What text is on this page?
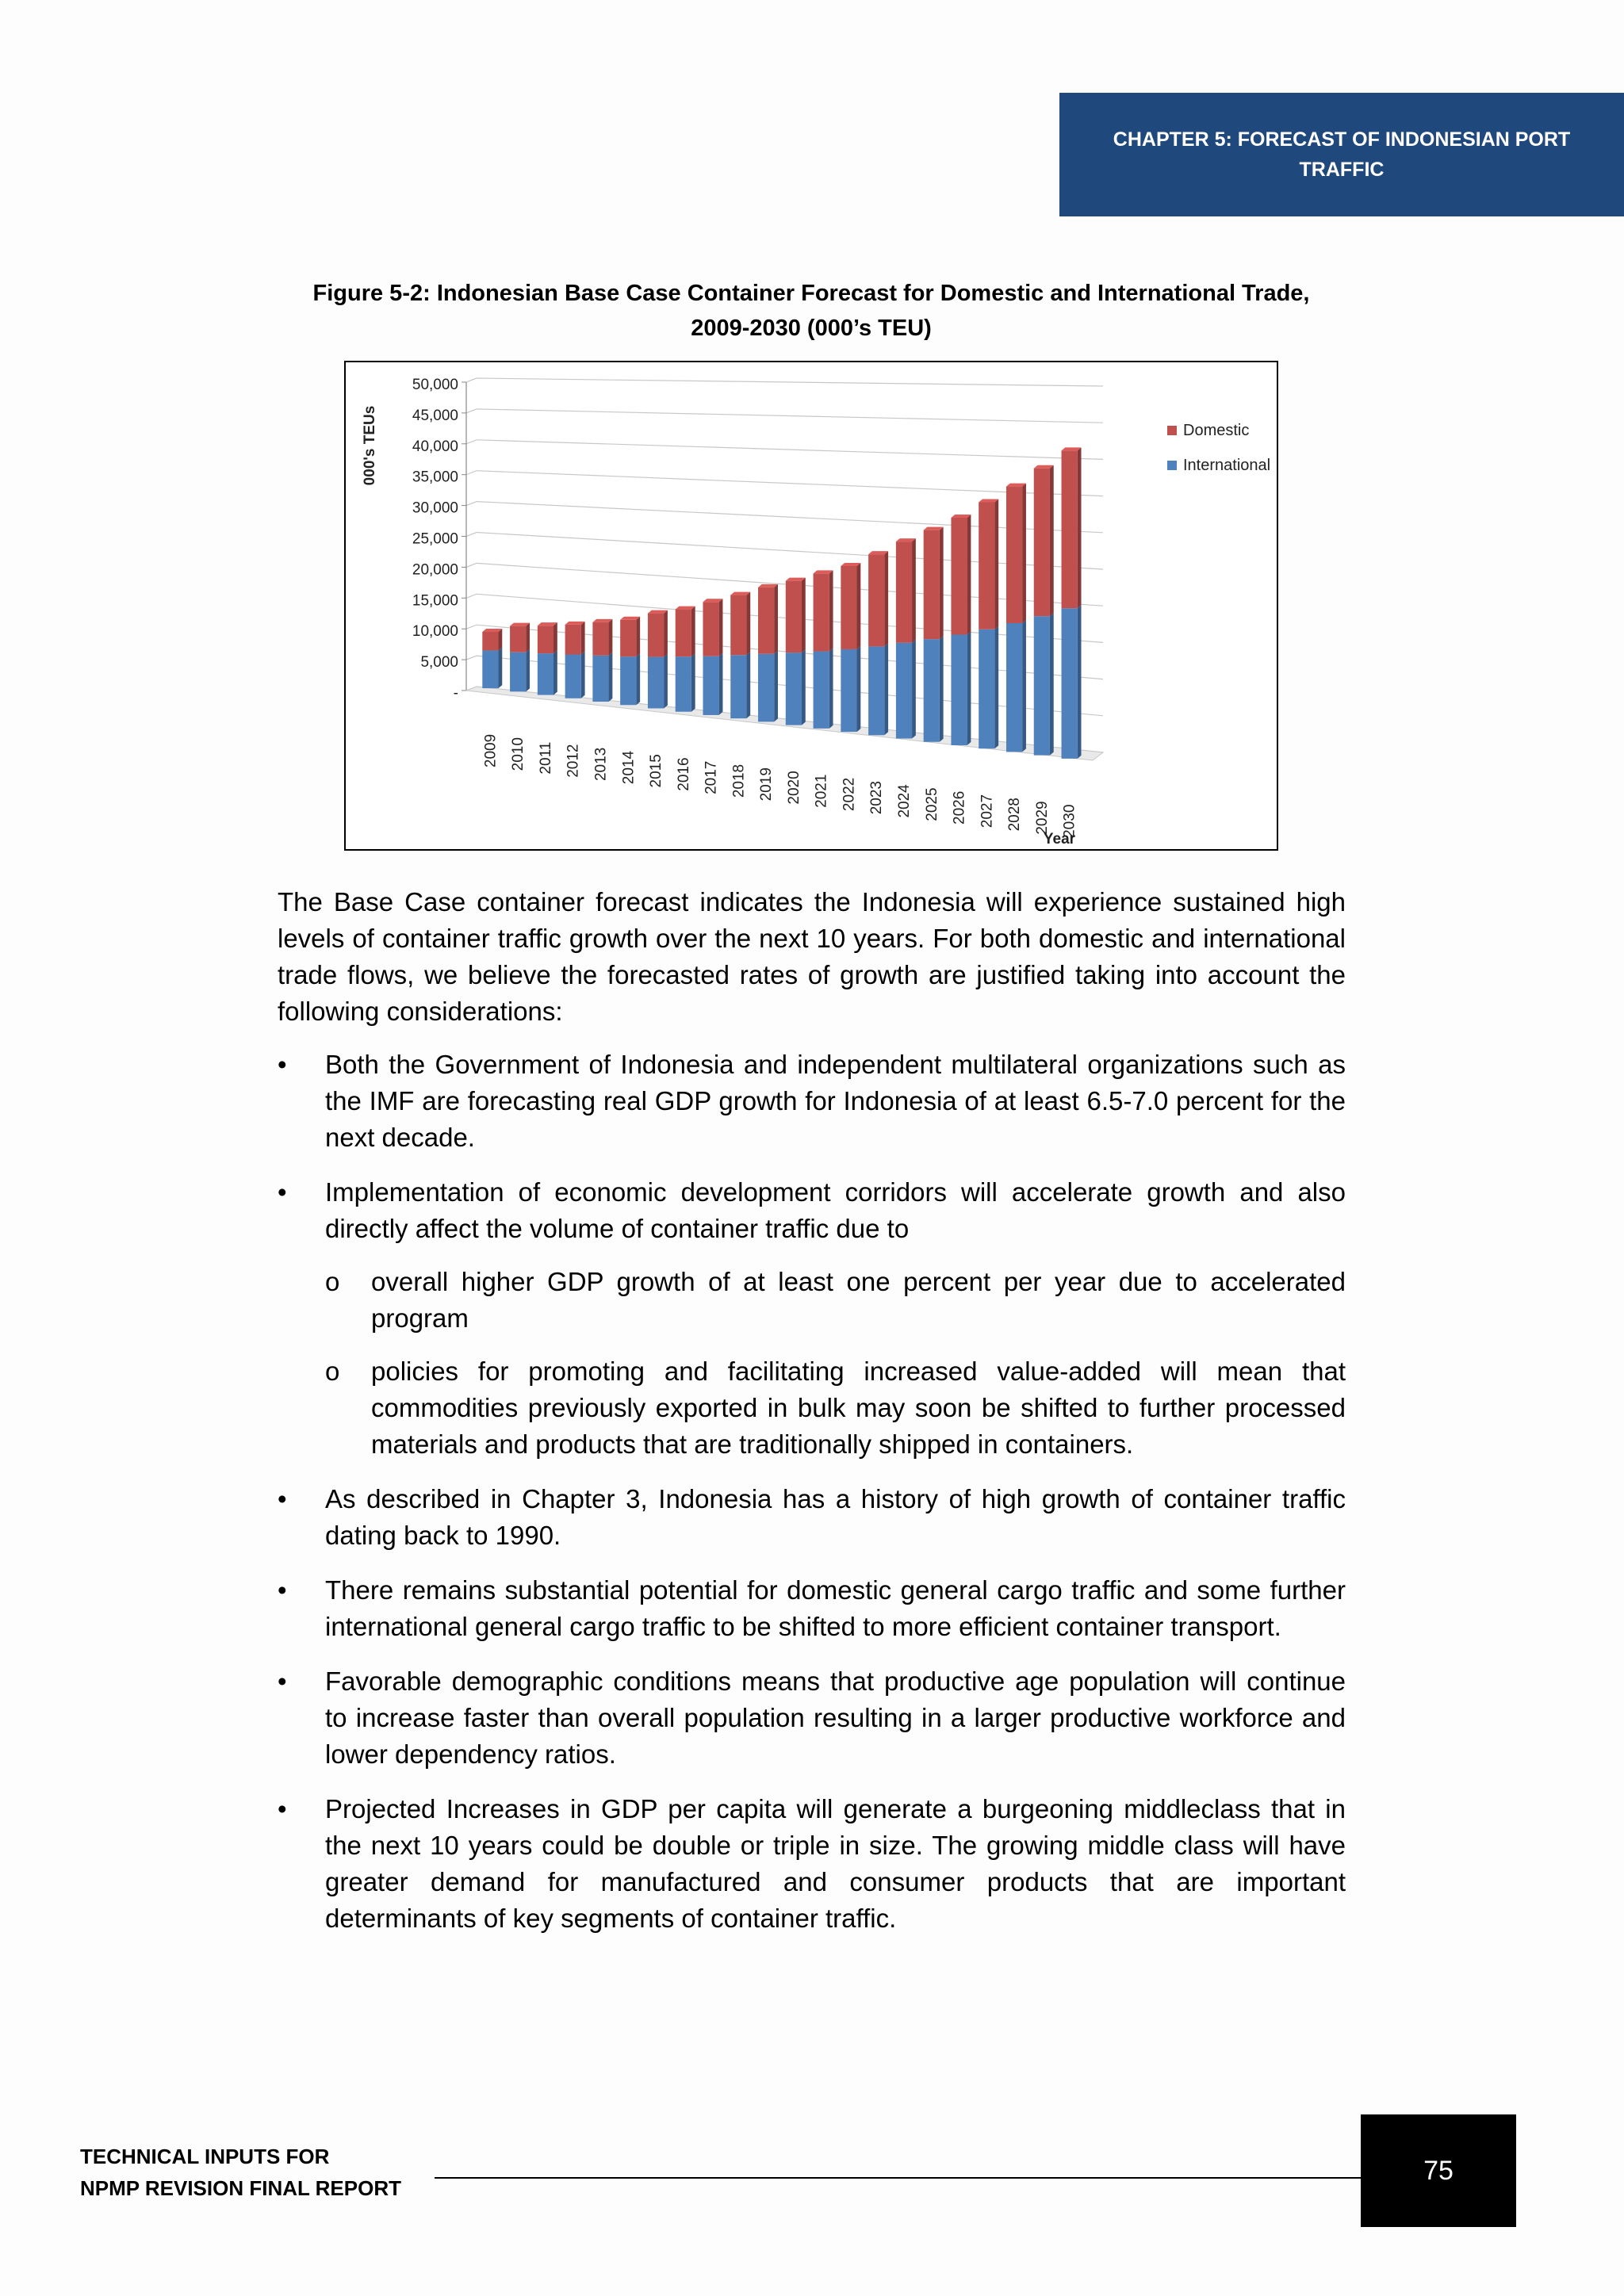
CHAPTER 5: FORECAST OF INDONESIAN PORT
TRAFFIC
Figure 5-2: Indonesian Base Case Container Forecast for Domestic and International Trade,
2009-2030 (000’s TEU)
-
5,000
10,000
15,000
20,000
25,000
30,000
35,000
40,000
45,000
50,000
000's TEUs
2009 2010 2011 2012 2013 2014 2015 2016 2017 2018 2019 2020 2021 2022 2023 2024 2025 2026 2027 2028 2029 2030
Year
Domestic
International

The Base Case container forecast indicates the Indonesia will experience sustained high levels of container traffic growth over the next 10 years. For both domestic and international trade flows, we believe the forecasted rates of growth are justified taking into account the following considerations:

• Both the Government of Indonesia and independent multilateral organizations such as the IMF are forecasting real GDP growth for Indonesia of at least 6.5-7.0 percent for the next decade.
• Implementation of economic development corridors will accelerate growth and also directly affect the volume of container traffic due to
o overall higher GDP growth of at least one percent per year due to accelerated program
o policies for promoting and facilitating increased value-added will mean that commodities previously exported in bulk may soon be shifted to further processed materials and products that are traditionally shipped in containers.
• As described in Chapter 3, Indonesia has a history of high growth of container traffic dating back to 1990.
• There remains substantial potential for domestic general cargo traffic and some further international general cargo traffic to be shifted to more efficient container transport.
• Favorable demographic conditions means that productive age population will continue to increase faster than overall population resulting in a larger productive workforce and lower dependency ratios.
• Projected Increases in GDP per capita will generate a burgeoning middleclass that in the next 10 years could be double or triple in size. The growing middle class will have greater demand for manufactured and consumer products that are important determinants of key segments of container traffic.
TECHNICAL INPUTS FOR
NPMP REVISION FINAL REPORT
75
